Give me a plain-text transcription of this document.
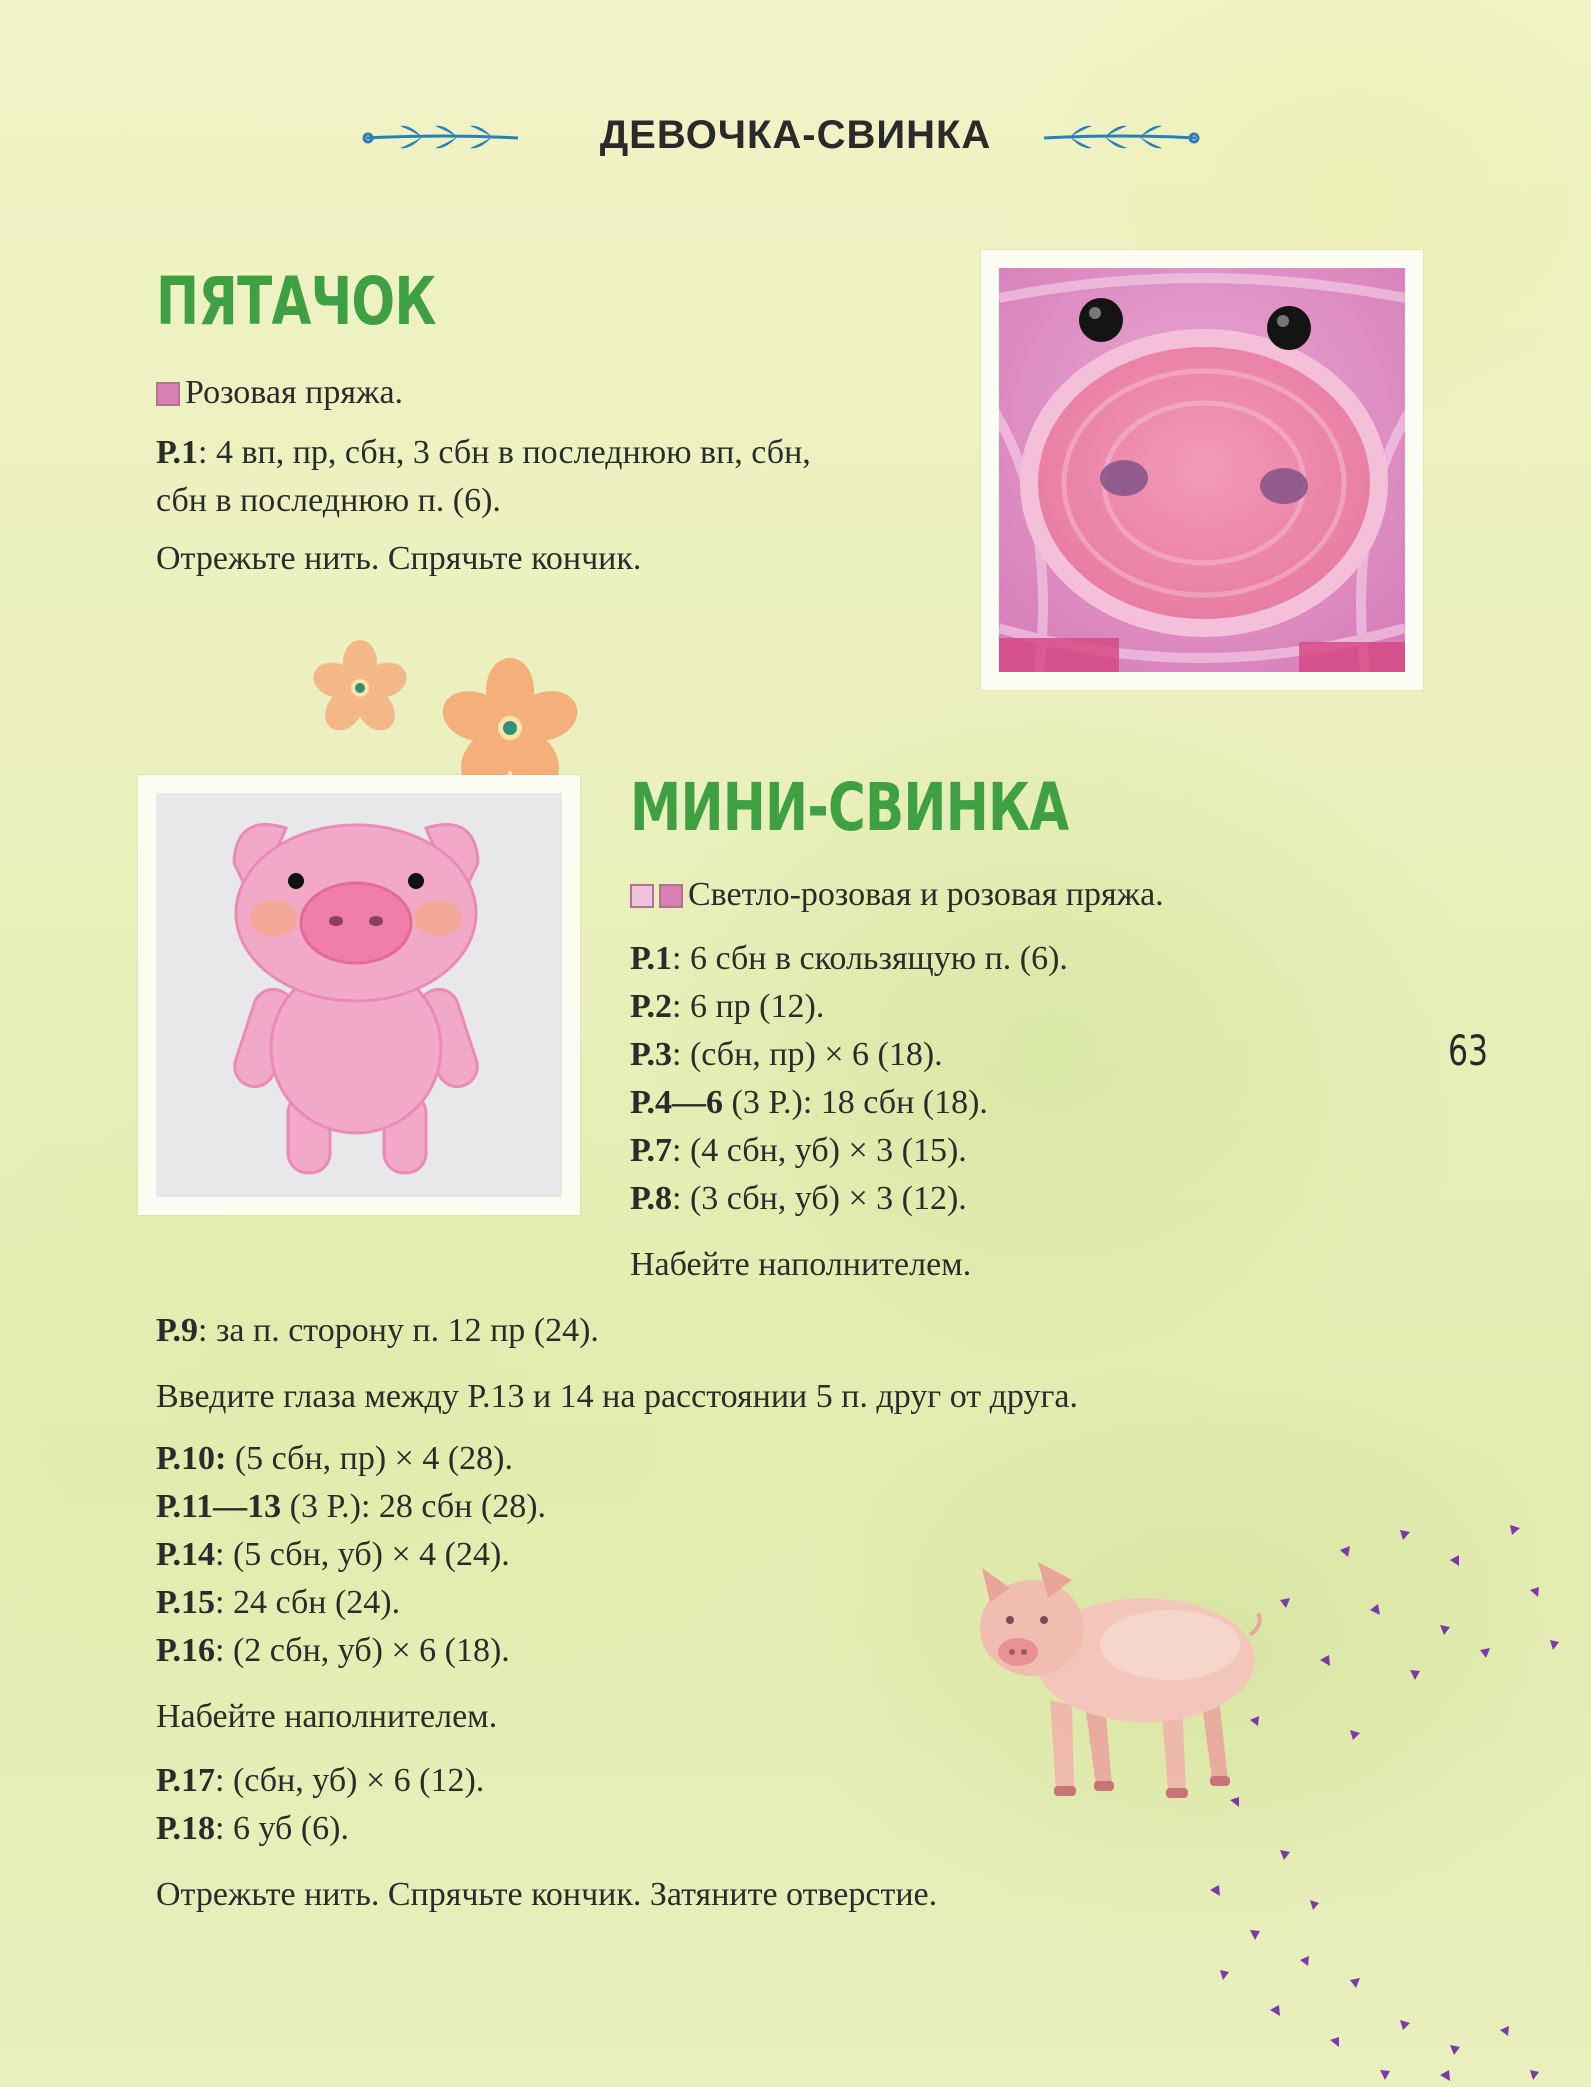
ДЕВОЧКА-СВИНКА
ПЯТАЧОК
Розовая пряжа.
Р.1: 4 вп, пр, сбн, 3 сбн в последнюю вп, сбн,
сбн в последнюю п. (6).
Отрежьте нить. Спрячьте кончик.
МИНИ-СВИНКА
Светло-розовая и розовая пряжа.
Р.1: 6 сбн в скользящую п. (6).
Р.2: 6 пр (12).
Р.3: (сбн, пр) × 6 (18).
Р.4—6 (3 Р.): 18 сбн (18).
Р.7: (4 сбн, уб) × 3 (15).
Р.8: (3 сбн, уб) × 3 (12).
Набейте наполнителем.
Р.9: за п. сторону п. 12 пр (24).
Введите глаза между Р.13 и 14 на расстоянии 5 п. друг от друга.
Р.10: (5 сбн, пр) × 4 (28).
Р.11—13 (3 Р.): 28 сбн (28).
Р.14: (5 сбн, уб) × 4 (24).
Р.15: 24 сбн (24).
Р.16: (2 сбн, уб) × 6 (18).
Набейте наполнителем.
Р.17: (сбн, уб) × 6 (12).
Р.18: 6 уб (6).
Отрежьте нить. Спрячьте кончик. Затяните отверстие.
63
